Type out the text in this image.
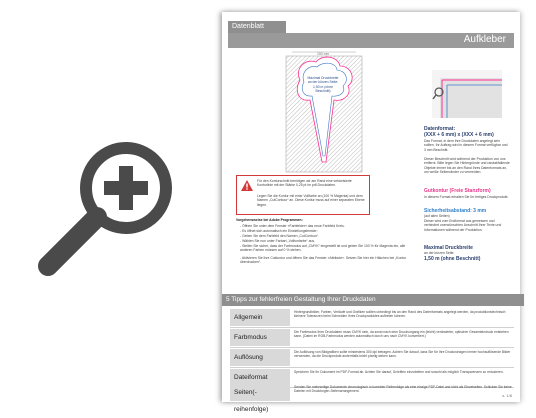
Datenblatt
Aufkleber
150 mm
Maximal Druckbreite an der kürzen Seite: 1,50 m (ohne Beschnitt)
Datenformat:
(XXX + 6 mm) x (XXX + 6 mm)
Das Format, in dem Ihre Druckdaten angelegt sein sollten. Ihr Auftrag wird in diesem Format verfügbar und 3 mm Beschnitt.
Dieser Beschnitt wird während der Produktion von uns entfernt. Bitte legen Sie Hintergründe und randabfallende Objekte immer bis an den Rand Ihres Datenformats an, um weiße Seitenränder zu vermeiden.
Gutkontur (Freie Stanzform)
In diesem Format erhalten Sie Ihr fertiges Druckprodukt.
Sicherheitsabstand: 3 mm
(auf allen Seiten)
Dieser wird vom Endformat aus gemessen und verhindert unerwünschten Anschnitt Ihrer Texte und Informationen während der Produktion.
Maximal Druckbreite
an der kürzen Seite:
1,50 m (ohne Beschnitt)
Für den Konturschnitt benötigen wir am Rand eine vektorisierte Konturlinie mit der Stärke 0,25 pt im pdf-Druckdaten.
Legen Sie die Kontur mit einer Vollfarbe an (100 % Magenta) und dem Namen „CutContour“ an. Diese Kontur muss auf einer separaten Ebene liegen.
Vorgehensweise bei Adobe Programmen:
- Öffnen Sie unter dem Fenster »Farbfelder« das neue Farbfeld Kreis.
- Es öffnet sich automatisch ein Einstellungsfenster:
- Geben Sie dem Farbfeld den Namen „CutContour“.
- Wählen Sie nun unter Farbart „Volltonfarbe“ aus.
- Stellen Sie sicher, dass der Farbmodus auf „CMYK“ eingestellt ist und geben Sie 100 % für Magenta ein, alle anderen Farben müssen auf 0 % stehen.
- Aktivieren Sie Ihre Cutkontur und öffnen Sie das Fenster »Attribute«. Setzen Sie hier ein Häkchen bei „Kontur überdrucken“.
5 Tipps zur fehlerfreien Gestaltung Ihrer Druckdaten
Allgemein
Hintergrundbilder, Farben, Verläufe und Grafiken sollten unbedingt bis an den Rand des Datenformats angelegt werden, da produktionstechnisch kleinere Toleranzen beim Schneiden Ihres Druckproduktes auftreten können.
Farbmodus
Die Farbmodus Ihrer Druckdaten muss CMYK sein, da sonst nach dem Druckvorgang ein (leicht) veränderter, optischer Gesamteindruck entstehen kann. (Daten im RGB-Farbmodus werden automatisch durch uns nach CMYK konvertiert.)
Auflösung
Die Auflösung von Bildgrafiken sollte mindestens 300 dpi betragen. Achten Sie darauf, dass Sie für Ihre Druckvorlagen immer hochauflösende Bilder verwenden, da die Druckprodukt andernfalls leicht pixelig wirken kann.
Dateiformat
Speichern Sie Ihr Dokument im PDF-Format ab. Achten Sie darauf, Schriften einzubetten und sowohl als möglich Transparenzen zu reduzieren.
Seiten(-reihenfolge)
Senden Sie mehrseitige Dokumente chronologisch in korrekter Reihenfolge als eine einzige PDF-Datei und nicht als Einzelseiten. Schicken Sie keine Dateien mit Druckbogen-Seitenarrangement.
s. 1/8
